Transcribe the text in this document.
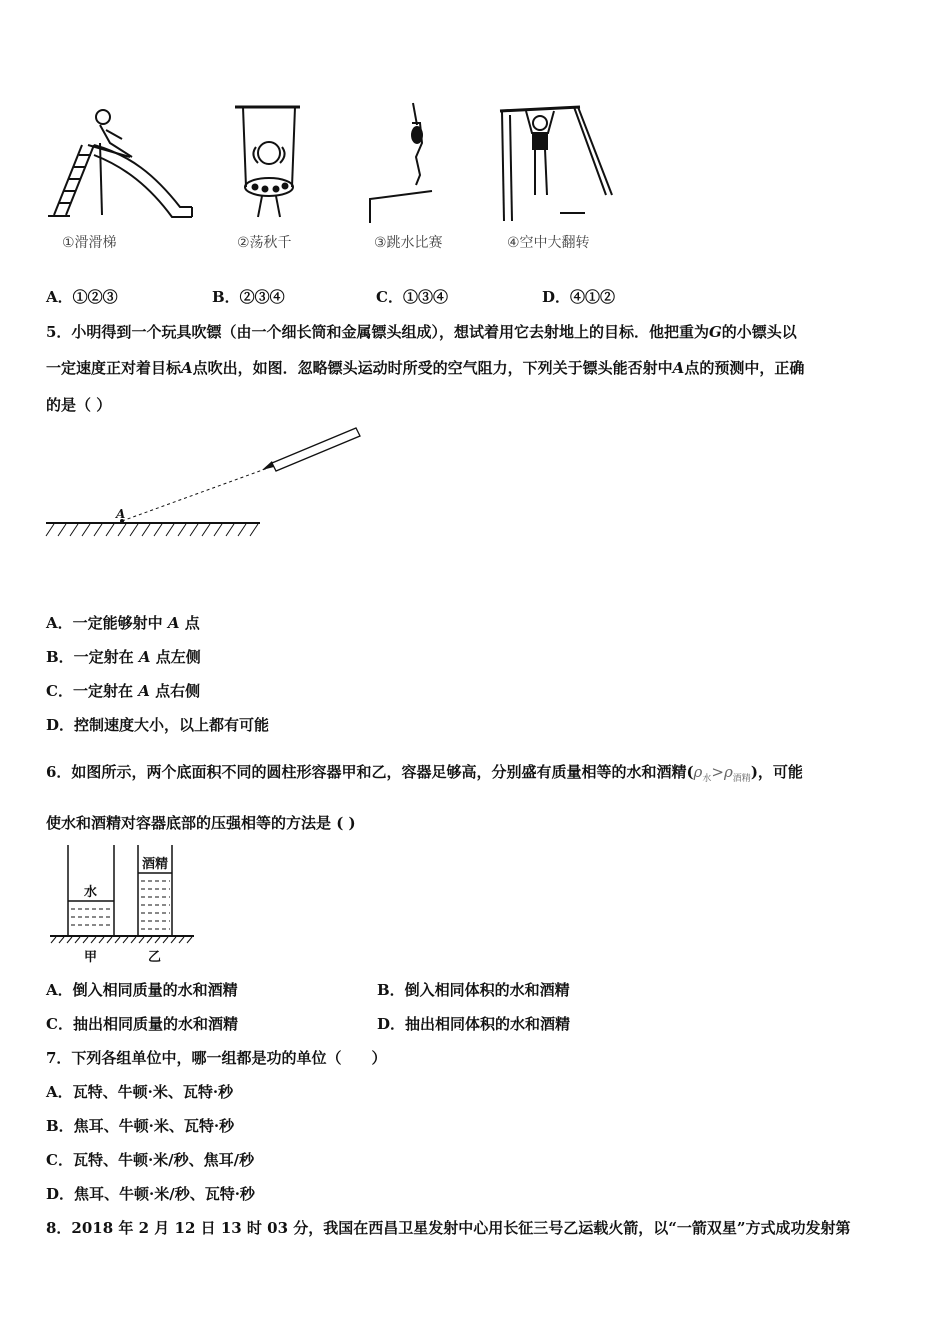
①滑滑梯	②荡秋千	③跳水比赛	④空中大翻转
A．①②③	B．②③④	C．①③④	D．④①②
5．小明得到一个玩具吹镖（由一个细长筒和金属镖头组成），想试着用它去射地上的目标．他把重为G的小镖头以
一定速度正对着目标A点吹出，如图．忽略镖头运动时所受的空气阻力，下列关于镖头能否射中A点的预测中，正确
的是（ ）
A
A．一定能够射中 A 点
B．一定射在 A 点左侧
C．一定射在 A 点右侧
D．控制速度大小，以上都有可能
6．如图所示，两个底面积不同的圆柱形容器甲和乙，容器足够高，分别盛有质量相等的水和酒精$(\rho_水>\rho_{酒精})$，可能
使水和酒精对容器底部的压强相等的方法是 ( )
水
酒精
甲	乙
A．倒入相同质量的水和酒精	B．倒入相同体积的水和酒精
C．抽出相同质量的水和酒精	D．抽出相同体积的水和酒精
7．下列各组单位中，哪一组都是功的单位（　　）
A．瓦特、牛顿·米、瓦特·秒
B．焦耳、牛顿·米、瓦特·秒
C．瓦特、牛顿·米/秒、焦耳/秒
D．焦耳、牛顿·米/秒、瓦特·秒
8．2018 年 2 月 12 日 13 时 03 分，我国在西昌卫星发射中心用长征三号乙运载火箭，以“一箭双星”方式成功发射第
